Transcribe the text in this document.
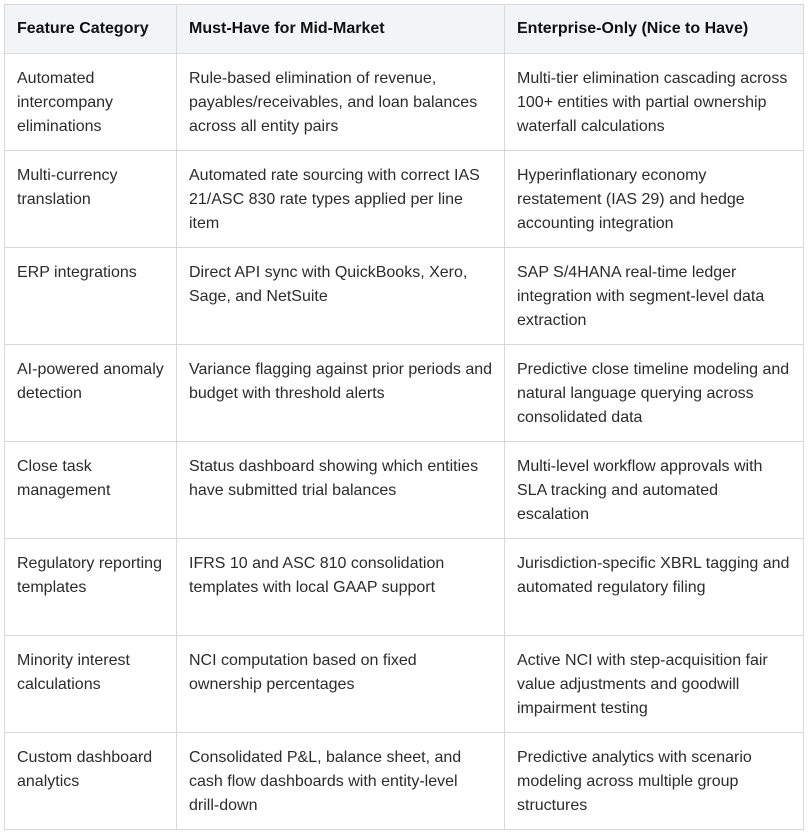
Feature Category	Must-Have for Mid-Market	Enterprise-Only (Nice to Have)
Automated intercompany eliminations	Rule-based elimination of revenue, payables/receivables, and loan balances across all entity pairs	Multi-tier elimination cascading across 100+ entities with partial ownership waterfall calculations
Multi-currency translation	Automated rate sourcing with correct IAS 21/ASC 830 rate types applied per line item	Hyperinflationary economy restatement (IAS 29) and hedge accounting integration
ERP integrations	Direct API sync with QuickBooks, Xero, Sage, and NetSuite	SAP S/4HANA real-time ledger integration with segment-level data extraction
AI-powered anomaly detection	Variance flagging against prior periods and budget with threshold alerts	Predictive close timeline modeling and natural language querying across consolidated data
Close task management	Status dashboard showing which entities have submitted trial balances	Multi-level workflow approvals with SLA tracking and automated escalation
Regulatory reporting templates	IFRS 10 and ASC 810 consolidation templates with local GAAP support	Jurisdiction-specific XBRL tagging and automated regulatory filing
Minority interest calculations	NCI computation based on fixed ownership percentages	Active NCI with step-acquisition fair value adjustments and goodwill impairment testing
Custom dashboard analytics	Consolidated P&L, balance sheet, and cash flow dashboards with entity-level drill-down	Predictive analytics with scenario modeling across multiple group structures
